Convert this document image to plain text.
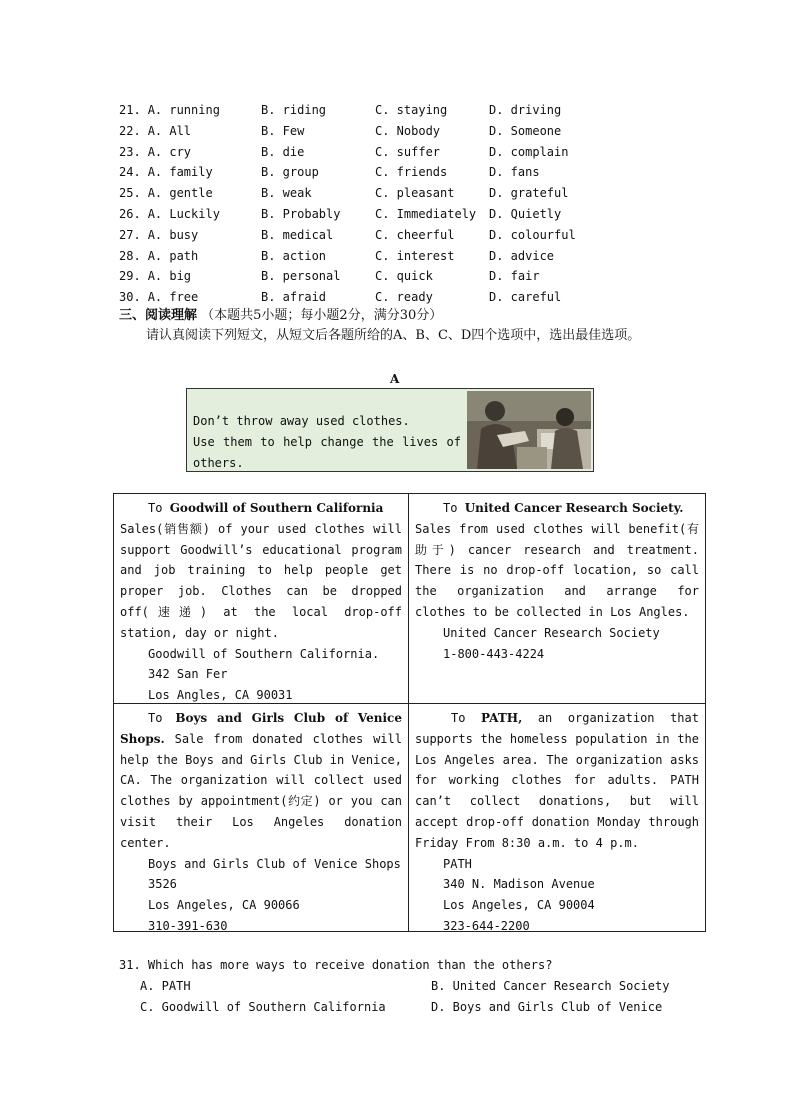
21. A. running	B. riding	C. staying	D. driving
22. A. All	B. Few	C. Nobody	D. Someone
23. A. cry	B. die	C. suffer	D. complain
24. A. family	B. group	C. friends	D. fans
25. A. gentle	B. weak	C. pleasant	D. grateful
26. A. Luckily	B. Probably	C. Immediately D. Quietly
27. A. busy	B. medical	C. cheerful	D. colourful
28. A. path	B. action	C. interest	D. advice
29. A. big	B. personal	C. quick	D. fair
30. A. free	B. afraid	C. ready	D. careful
三、阅读理解 （本题共5小题；每小题2分，满分30分）
请认真阅读下列短文，从短文后各题所给的A、B、C、D四个选项中，选出最佳选项。
A
Don’t throw away used clothes.
Use them to help change the lives of others.

To Goodwill of Southern California

Sales(销售额) of your used clothes will support Goodwill’s educational program and job training to help people get proper job. Clothes can be dropped off(速递) at the local drop-off station, day or night.

Goodwill of Southern California.

342 San Fer

Los Angles, CA 90031

To United Cancer Research Society.

Sales from used clothes will benefit(有助于) cancer research and treatment. There is no drop-off location, so call the organization and arrange for clothes to be collected in Los Angles.

United Cancer Research Society

1-800-443-4224

To Boys and Girls Club of Venice Shops. Sale from donated clothes will help the Boys and Girls Club in Venice, CA. The organization will collect used clothes by appointment(约定) or you can visit their Los Angeles donation center.

Boys and Girls Club of Venice Shops

3526

Los Angeles, CA 90066

310-391-630

To PATH, an organization that supports the homeless population in the Los Angeles area. The organization asks for working clothes for adults. PATH can’t collect donations, but will accept drop-off donation Monday through Friday From 8:30 a.m. to 4 p.m.

PATH

340 N. Madison Avenue

Los Angeles, CA 90004

323-644-2200

31. Which has more ways to receive donation than the others?
A. PATH	B. United Cancer Research Society
C. Goodwill of Southern California	D. Boys and Girls Club of Venice
